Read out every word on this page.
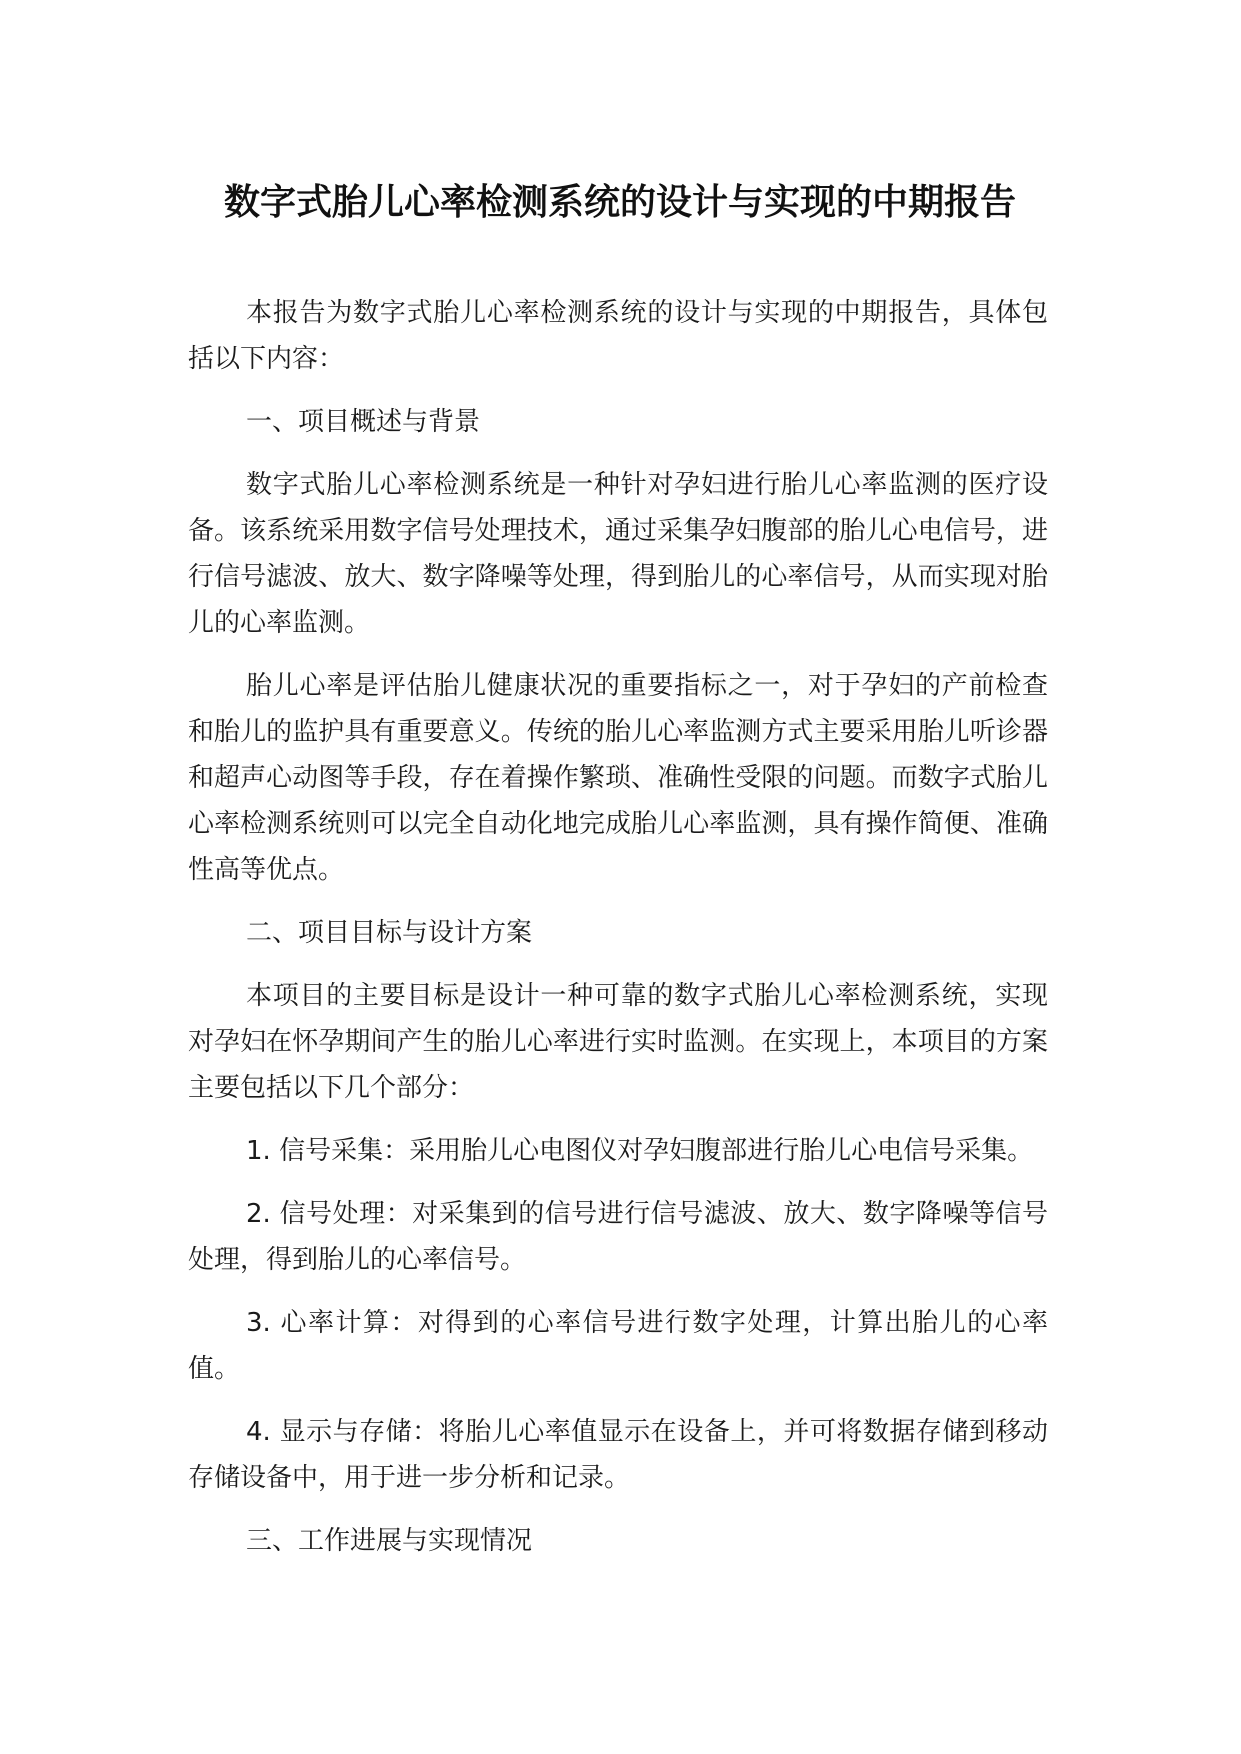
数字式胎儿心率检测系统的设计与实现的中期报告

本报告为数字式胎儿心率检测系统的设计与实现的中期报告，具体包括以下内容：

一、项目概述与背景

数字式胎儿心率检测系统是一种针对孕妇进行胎儿心率监测的医疗设备。该系统采用数字信号处理技术，通过采集孕妇腹部的胎儿心电信号，进行信号滤波、放大、数字降噪等处理，得到胎儿的心率信号，从而实现对胎儿的心率监测。

胎儿心率是评估胎儿健康状况的重要指标之一，对于孕妇的产前检查和胎儿的监护具有重要意义。传统的胎儿心率监测方式主要采用胎儿听诊器和超声心动图等手段，存在着操作繁琐、准确性受限的问题。而数字式胎儿心率检测系统则可以完全自动化地完成胎儿心率监测，具有操作简便、准确性高等优点。

二、项目目标与设计方案

本项目的主要目标是设计一种可靠的数字式胎儿心率检测系统，实现对孕妇在怀孕期间产生的胎儿心率进行实时监测。在实现上，本项目的方案主要包括以下几个部分：

1. 信号采集：采用胎儿心电图仪对孕妇腹部进行胎儿心电信号采集。

2. 信号处理：对采集到的信号进行信号滤波、放大、数字降噪等信号处理，得到胎儿的心率信号。

3. 心率计算：对得到的心率信号进行数字处理，计算出胎儿的心率值。

4. 显示与存储：将胎儿心率值显示在设备上，并可将数据存储到移动存储设备中，用于进一步分析和记录。

三、工作进展与实现情况
